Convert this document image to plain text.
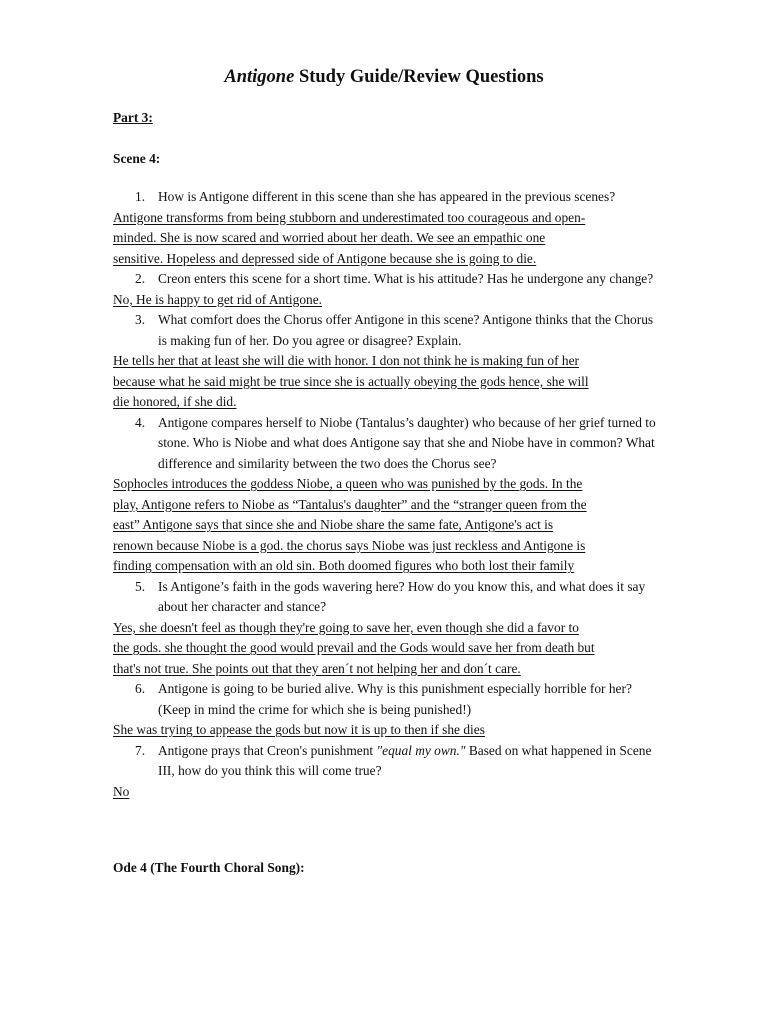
Antigone Study Guide/Review Questions
Part 3:
Scene 4:
1. How is Antigone different in this scene than she has appeared in the previous scenes?
Antigone transforms from being stubborn and underestimated too courageous and open-
minded. She is now scared and worried about her death. We see an empathic one
sensitive. Hopeless and depressed side of Antigone because she is going to die.
2. Creon enters this scene for a short time. What is his attitude? Has he undergone any change?
No, He is happy to get rid of Antigone.
3. What comfort does the Chorus offer Antigone in this scene? Antigone thinks that the Chorus is making fun of her. Do you agree or disagree? Explain.
He tells her that at least she will die with honor. I don not think he is making fun of her
because what he said might be true since she is actually obeying the gods hence, she will
die honored, if she did.
4. Antigone compares herself to Niobe (Tantalus’s daughter) who because of her grief turned to stone. Who is Niobe and what does Antigone say that she and Niobe have in common? What difference and similarity between the two does the Chorus see?
Sophocles introduces the goddess Niobe, a queen who was punished by the gods. In the
play, Antigone refers to Niobe as “Tantalus's daughter” and the “stranger queen from the
east” Antigone says that since she and Niobe share the same fate, Antigone's act is
renown because Niobe is a god. the chorus says Niobe was just reckless and Antigone is
finding compensation with an old sin. Both doomed figures who both lost their family
5. Is Antigone’s faith in the gods wavering here? How do you know this, and what does it say about her character and stance?
Yes, she doesn't feel as though they're going to save her, even though she did a favor to
the gods. she thought the good would prevail and the Gods would save her from death but
that's not true. She points out that they aren´t not helping her and don´t care.
6. Antigone is going to be buried alive. Why is this punishment especially horrible for her? (Keep in mind the crime for which she is being punished!)
She was trying to appease the gods but now it is up to then if she dies
7. Antigone prays that Creon's punishment "equal my own." Based on what happened in Scene III, how do you think this will come true?
No
Ode 4 (The Fourth Choral Song):
